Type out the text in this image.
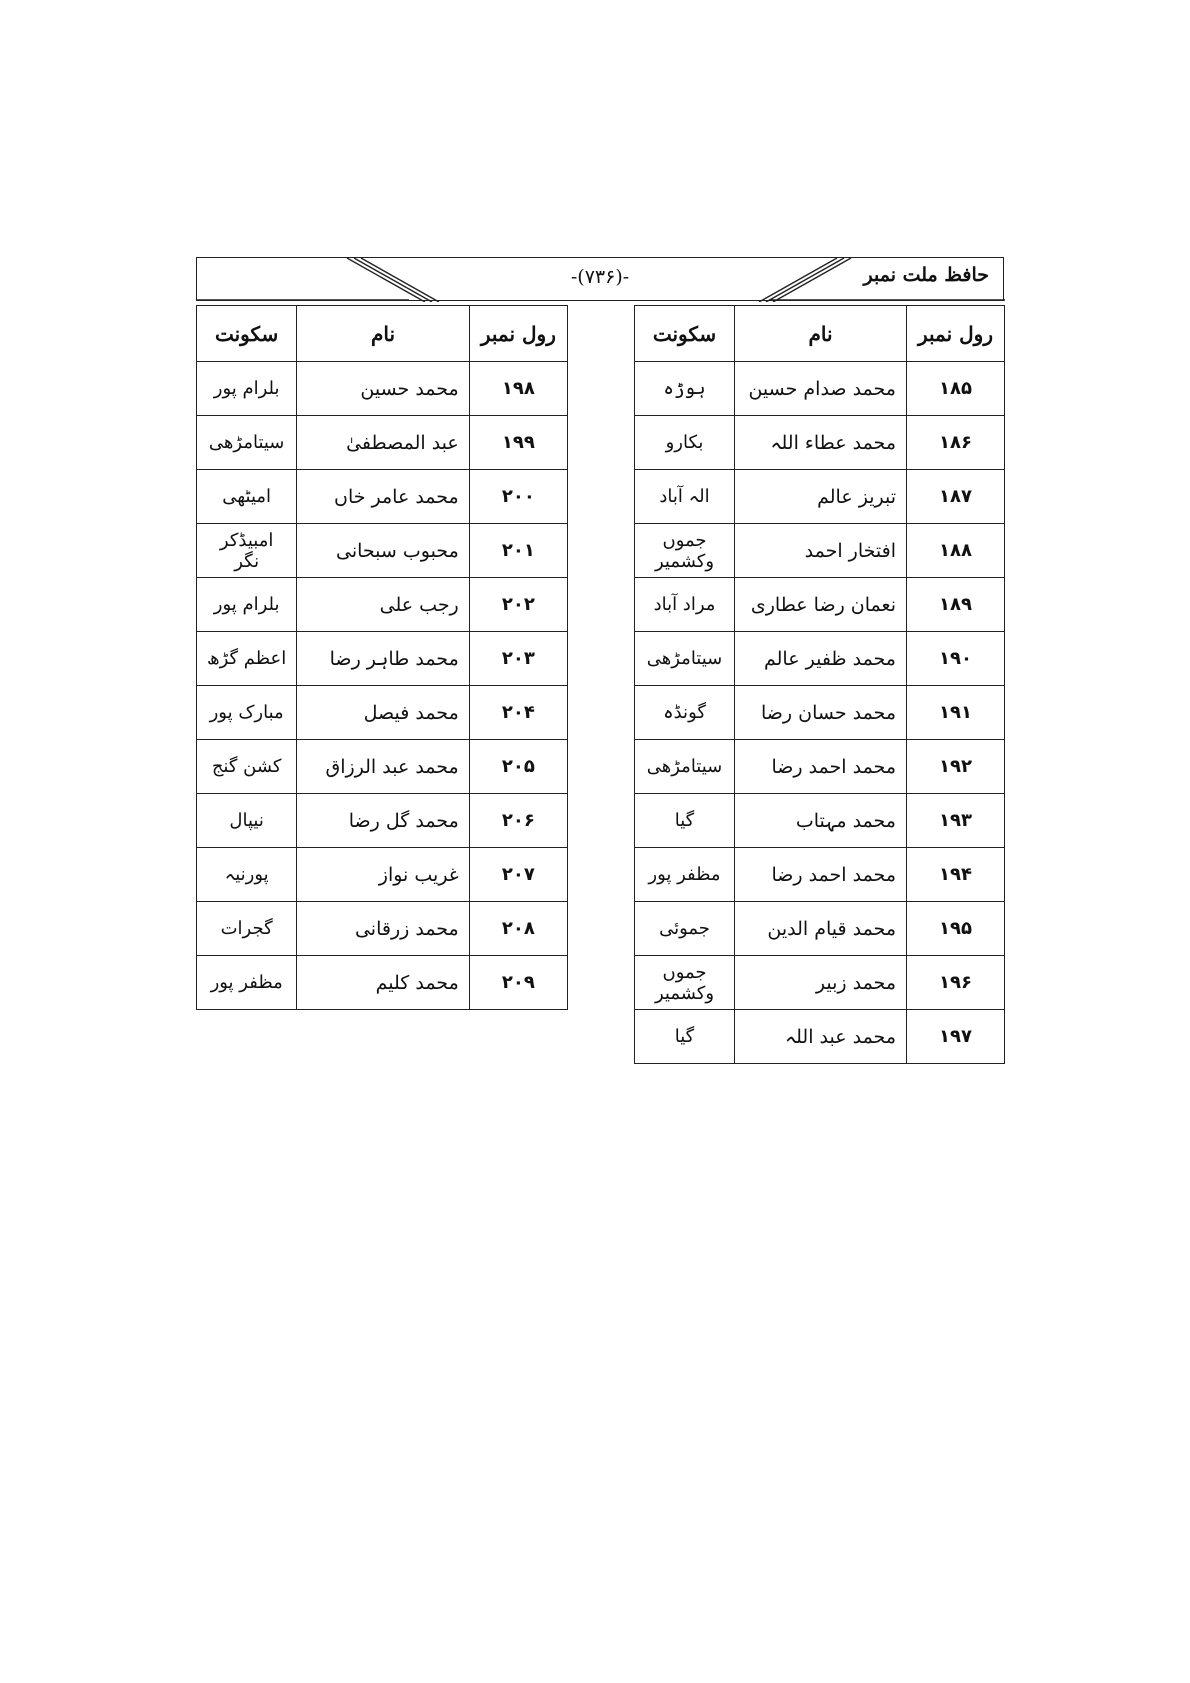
حافظ ملت نمبر
-(۷۳۶)-
رول نمبر	نام	سکونت
۱۸۵	محمد صدام حسین	ہوڑہ
۱۸۶	محمد عطاء اللہ	بکارو
۱۸۷	تبریز عالم	الہ آباد
۱۸۸	افتخار احمد	جموں وکشمیر
۱۸۹	نعمان رضا عطاری	مراد آباد
۱۹۰	محمد ظفیر عالم	سیتامڑھی
۱۹۱	محمد حسان رضا	گونڈہ
۱۹۲	محمد احمد رضا	سیتامڑھی
۱۹۳	محمد مہتاب	گیا
۱۹۴	محمد احمد رضا	مظفر پور
۱۹۵	محمد قیام الدین	جموئی
۱۹۶	محمد زبیر	جموں وکشمیر
۱۹۷	محمد عبد اللہ	گیا
رول نمبر	نام	سکونت
۱۹۸	محمد حسین	بلرام پور
۱۹۹	عبد المصطفیٰ	سیتامڑھی
۲۰۰	محمد عامر خاں	امیٹھی
۲۰۱	محبوب سبحانی	امبیڈکر نگر
۲۰۲	رجب علی	بلرام پور
۲۰۳	محمد طاہر رضا	اعظم گڑھ
۲۰۴	محمد فیصل	مبارک پور
۲۰۵	محمد عبد الرزاق	کشن گنج
۲۰۶	محمد گل رضا	نیپال
۲۰۷	غریب نواز	پورنیہ
۲۰۸	محمد زرقانی	گجرات
۲۰۹	محمد کلیم	مظفر پور
